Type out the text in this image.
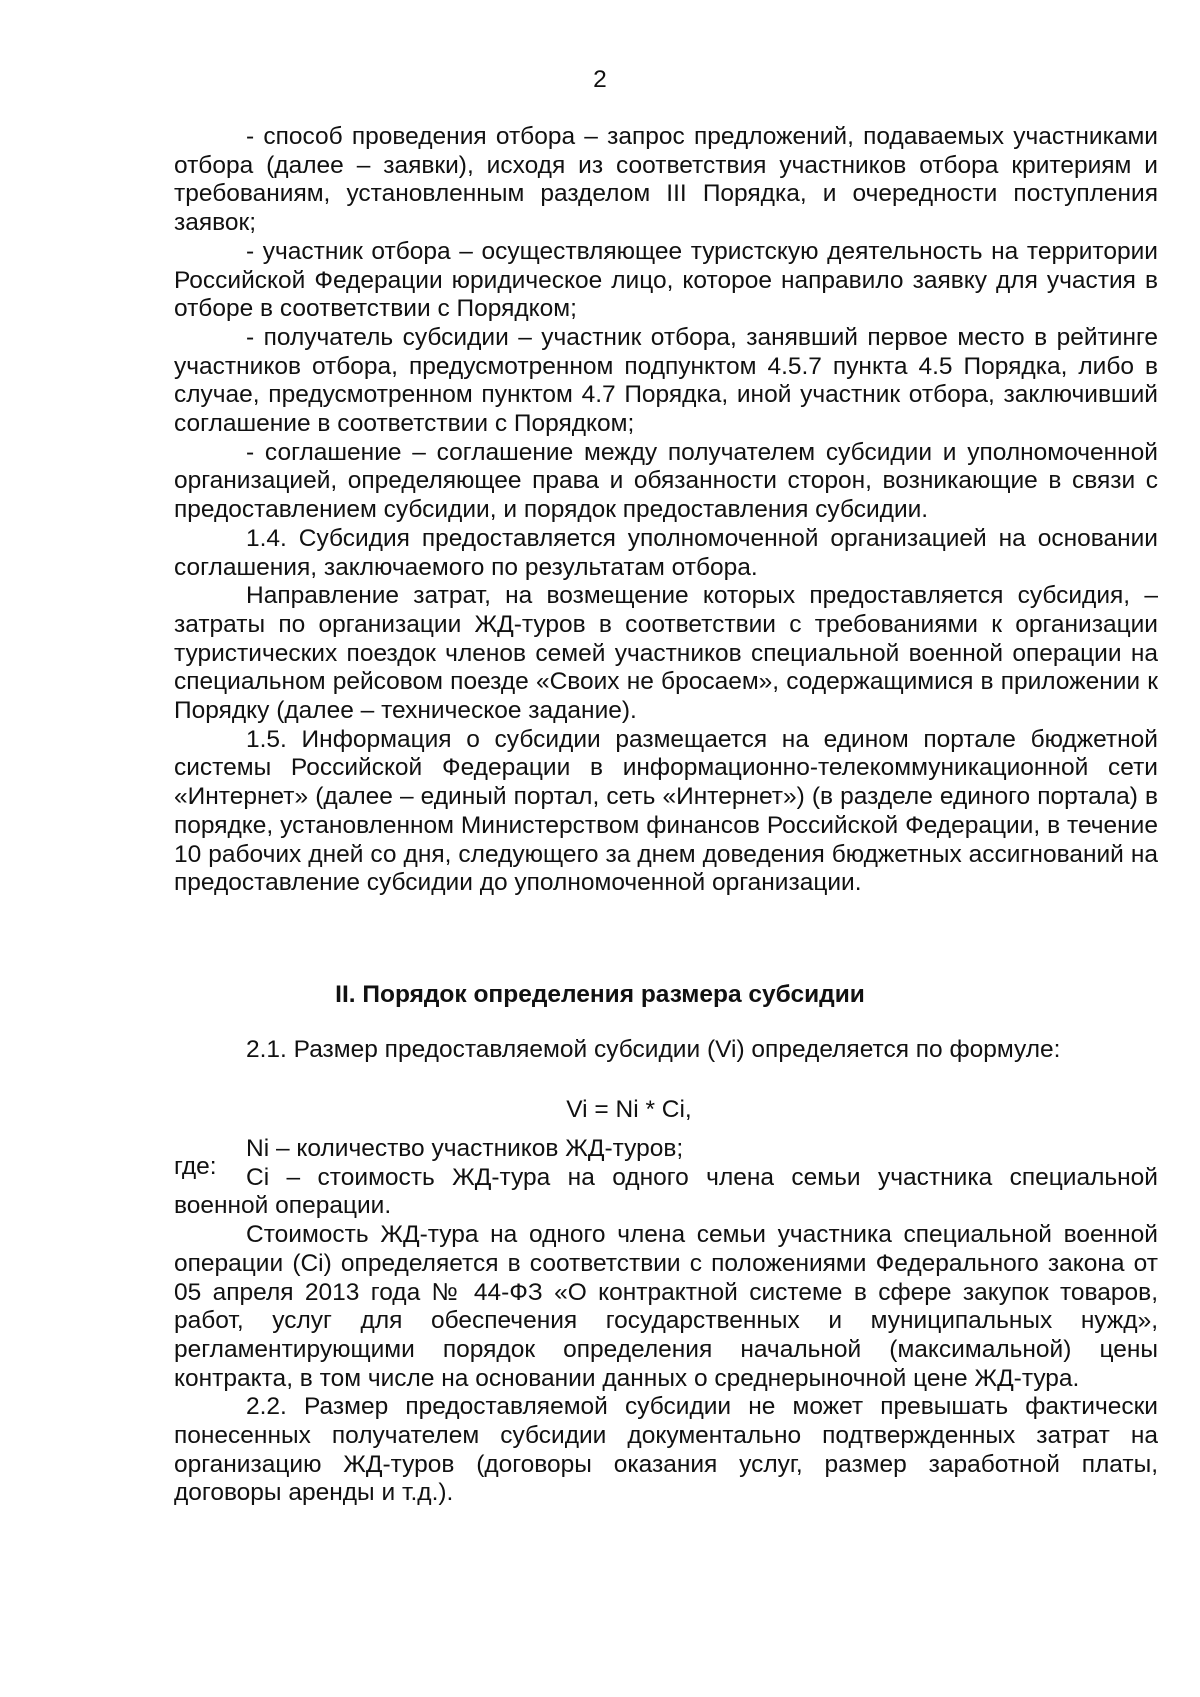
2

- способ проведения отбора – запрос предложений, подаваемых участниками отбора (далее – заявки), исходя из соответствия участников отбора критериям и требованиям, установленным разделом III Порядка, и очередности поступления заявок;

- участник отбора – осуществляющее туристскую деятельность на территории Российской Федерации юридическое лицо, которое направило заявку для участия в отборе в соответствии с Порядком;

- получатель субсидии – участник отбора, занявший первое место в рейтинге участников отбора, предусмотренном подпунктом 4.5.7 пункта 4.5 Порядка, либо в случае, предусмотренном пунктом 4.7 Порядка, иной участник отбора, заключивший соглашение в соответствии с Порядком;

- соглашение – соглашение между получателем субсидии и уполномоченной организацией, определяющее права и обязанности сторон, возникающие в связи с предоставлением субсидии, и порядок предоставления субсидии.

1.4. Субсидия предоставляется уполномоченной организацией на основании соглашения, заключаемого по результатам отбора.

Направление затрат, на возмещение которых предоставляется субсидия, – затраты по организации ЖД-туров в соответствии с требованиями к организации туристических поездок членов семей участников специальной военной операции на специальном рейсовом поезде «Своих не бросаем», содержащимися в приложении к Порядку (далее – техническое задание).

1.5. Информация о субсидии размещается на едином портале бюджетной системы Российской Федерации в информационно-телекоммуникационной сети «Интернет» (далее – единый портал, сеть «Интернет») (в разделе единого портала) в порядке, установленном Министерством финансов Российской Федерации, в течение 10 рабочих дней со дня, следующего за днем доведения бюджетных ассигнований на предоставление субсидии до уполномоченной организации.

II. Порядок определения размера субсидии
2.1. Размер предоставляемой субсидии (Vi) определяется по формуле:
Vi = Ni * Ci,
где:

Ni – количество участников ЖД-туров;

Ci – стоимость ЖД-тура на одного члена семьи участника специальной военной операции.

Стоимость ЖД-тура на одного члена семьи участника специальной военной операции (Ci) определяется в соответствии с положениями Федерального закона от 05 апреля 2013 года № 44-ФЗ «О контрактной системе в сфере закупок товаров, работ, услуг для обеспечения государственных и муниципальных нужд», регламентирующими порядок определения начальной (максимальной) цены контракта, в том числе на основании данных о среднерыночной цене ЖД-тура.

2.2. Размер предоставляемой субсидии не может превышать фактически понесенных получателем субсидии документально подтвержденных затрат на организацию ЖД-туров (договоры оказания услуг, размер заработной платы, договоры аренды и т.д.).
